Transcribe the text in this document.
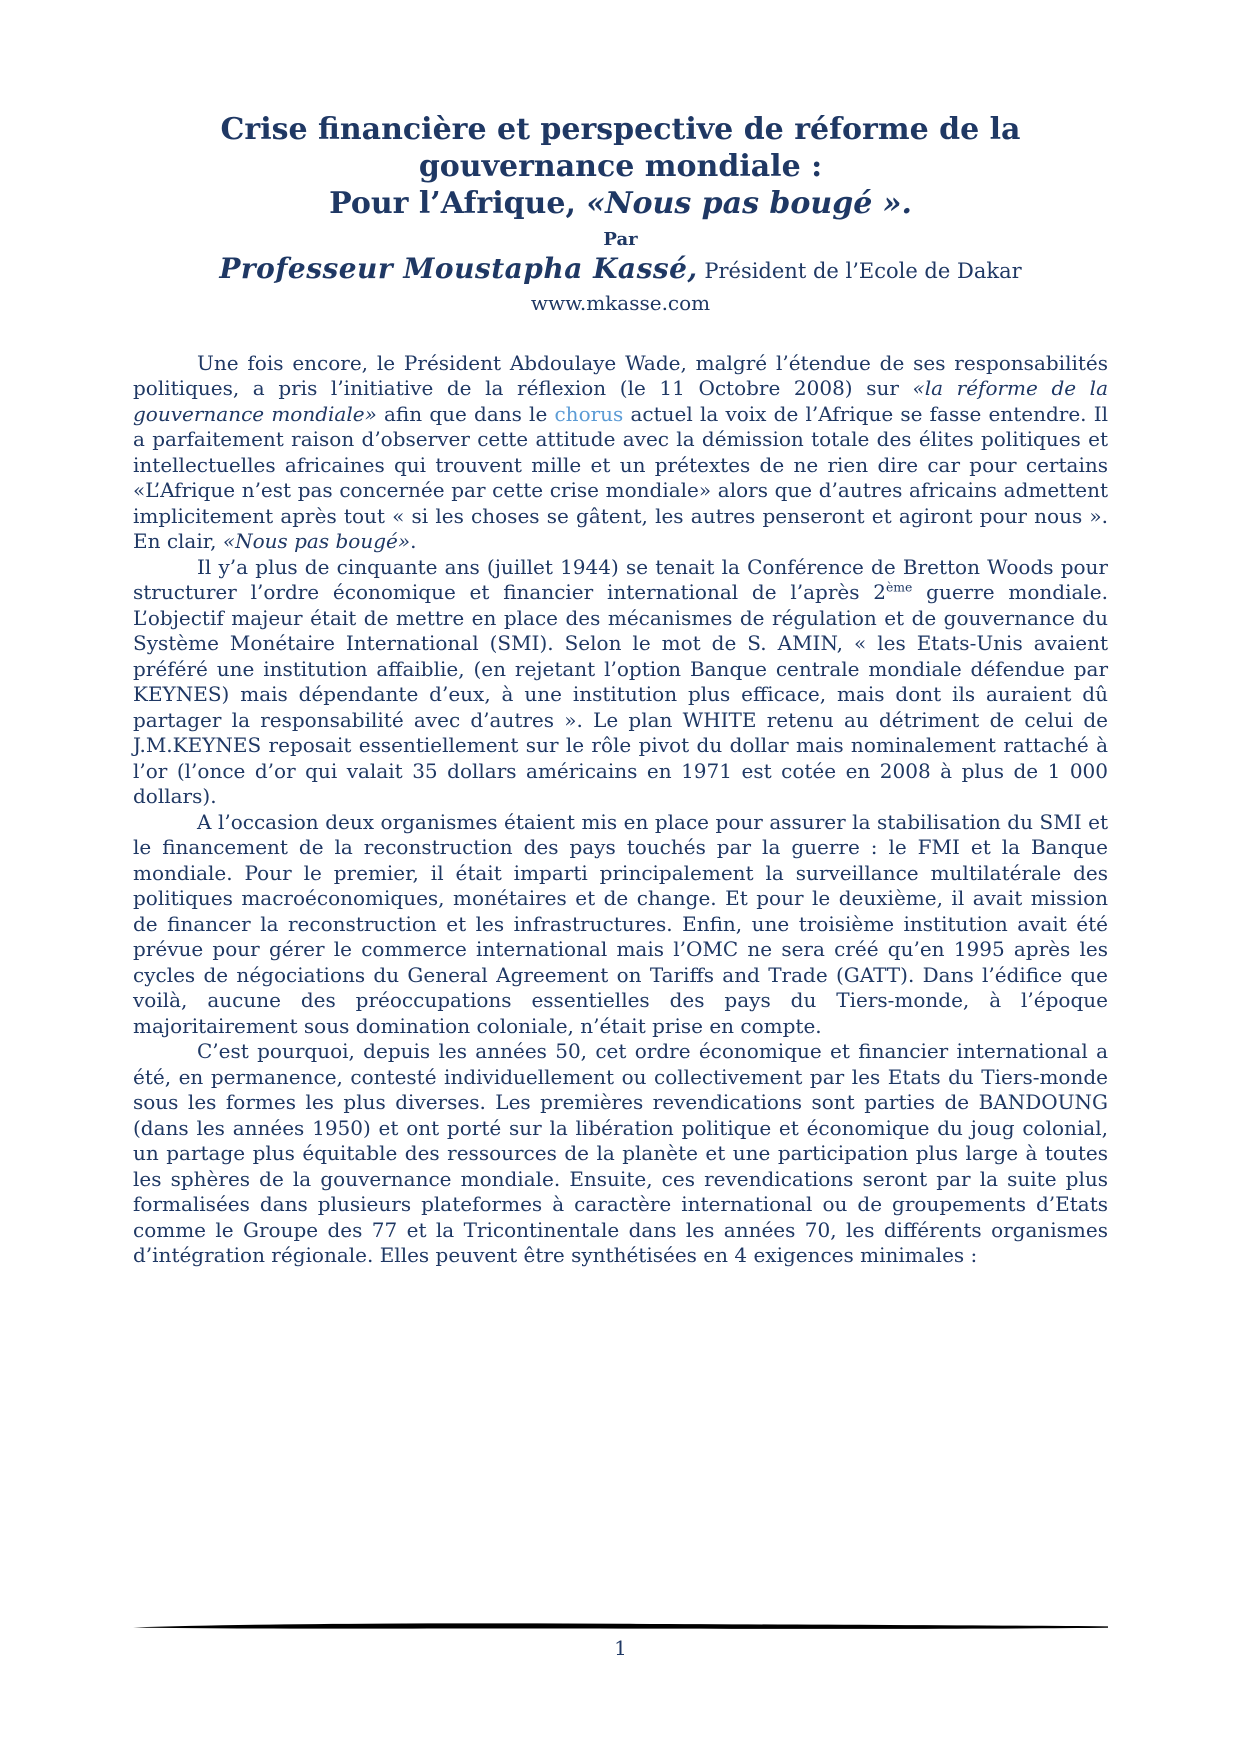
Crise financière et perspective de réforme de la
gouvernance mondiale :
Pour l’Afrique, «Nous pas bougé ».
Par
Professeur Moustapha Kassé, Président de l’Ecole de Dakar
www.mkasse.com

Une fois encore, le Président Abdoulaye Wade, malgré l’étendue de ses responsabilités politiques, a pris l’initiative de la réflexion (le 11 Octobre 2008) sur «la réforme de la gouvernance mondiale» afin que dans le chorus actuel la voix de l’Afrique se fasse entendre. Il a parfaitement raison d’observer cette attitude avec la démission totale des élites politiques et intellectuelles africaines qui trouvent mille et un prétextes de ne rien dire car pour certains «L’Afrique n’est pas concernée par cette crise mondiale» alors que d’autres africains admettent implicitement après tout « si les choses se gâtent, les autres penseront et agiront pour nous ». En clair, «Nous pas bougé».

Il y’a plus de cinquante ans (juillet 1944) se tenait la Conférence de Bretton Woods pour structurer l’ordre économique et financier international de l’après 2ème guerre mondiale. L’objectif majeur était de mettre en place des mécanismes de régulation et de gouvernance du Système Monétaire International (SMI). Selon le mot de S. AMIN, « les Etats-Unis avaient préféré une institution affaiblie, (en rejetant l’option Banque centrale mondiale défendue par KEYNES) mais dépendante d’eux, à une institution plus efficace, mais dont ils auraient dû partager la responsabilité avec d’autres ». Le plan WHITE retenu au détriment de celui de J.M.KEYNES reposait essentiellement sur le rôle pivot du dollar mais nominalement rattaché à l’or (l’once d’or qui valait 35 dollars américains en 1971 est cotée en 2008 à plus de 1 000 dollars).

A l’occasion deux organismes étaient mis en place pour assurer la stabilisation du SMI et le financement de la reconstruction des pays touchés par la guerre : le FMI et la Banque mondiale. Pour le premier, il était imparti principalement la surveillance multilatérale des politiques macroéconomiques, monétaires et de change. Et pour le deuxième, il avait mission de financer la reconstruction et les infrastructures. Enfin, une troisième institution avait été prévue pour gérer le commerce international mais l’OMC ne sera créé qu’en 1995 après les cycles de négociations du General Agreement on Tariffs and Trade (GATT). Dans l’édifice que voilà, aucune des préoccupations essentielles des pays du Tiers-monde, à l’époque majoritairement sous domination coloniale, n’était prise en compte.

C’est pourquoi, depuis les années 50, cet ordre économique et financier international a été, en permanence, contesté individuellement ou collectivement par les Etats du Tiers-monde sous les formes les plus diverses. Les premières revendications sont parties de BANDOUNG (dans les années 1950) et ont porté sur la libération politique et économique du joug colonial, un partage plus équitable des ressources de la planète et une participation plus large à toutes les sphères de la gouvernance mondiale. Ensuite, ces revendications seront par la suite plus formalisées dans plusieurs plateformes à caractère international ou de groupements d’Etats comme le Groupe des 77 et la Tricontinentale dans les années 70, les différents organismes d’intégration régionale. Elles peuvent être synthétisées en 4 exigences minimales :

1
